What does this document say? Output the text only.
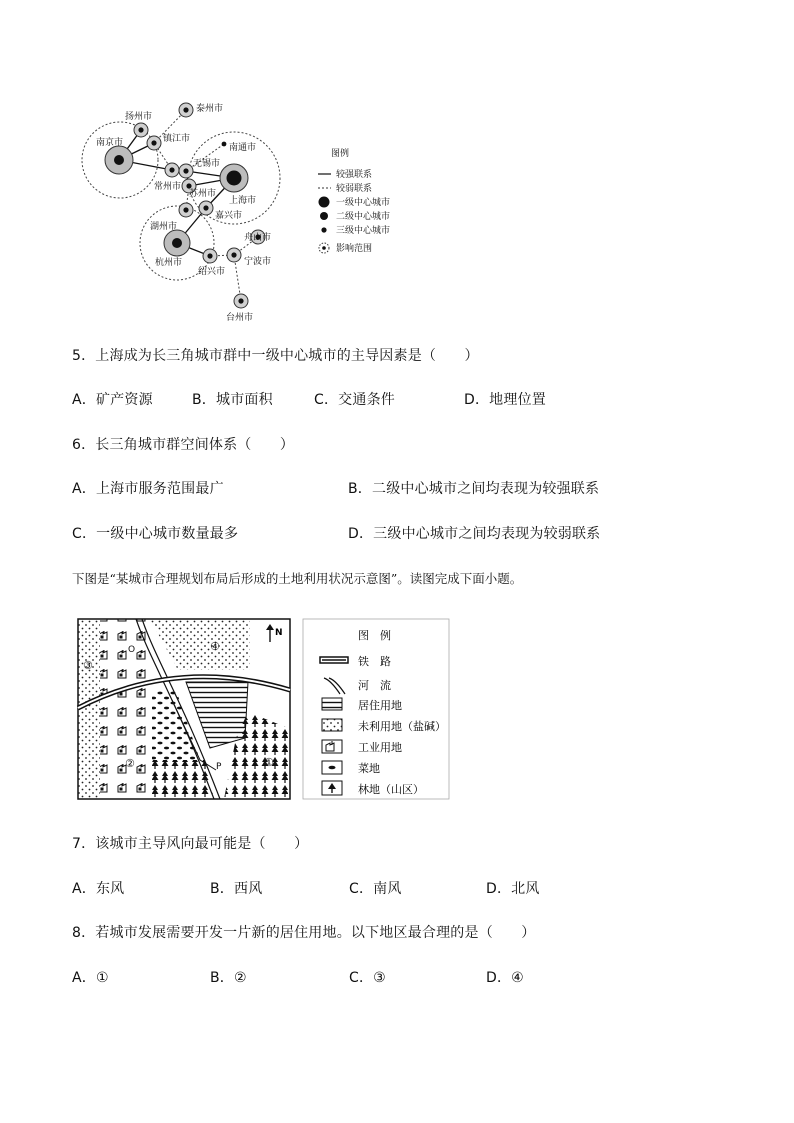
泰州市
扬州市
南京市	镇江市
南通市
无锡市
常州市
苏州市
上海市
嘉兴市
湖州市
舟山市
杭州市
绍兴市
宁波市
台州市
图例
较强联系
较弱联系
一级中心城市
二级中心城市
三级中心城市
影响范围
5．上海成为长三角城市群中一级中心城市的主导因素是（　　）
A．矿产资源	B．城市面积	C．交通条件	D．地理位置
6．长三角城市群空间体系（　　）
A．上海市服务范围最广	B．二级中心城市之间均表现为较强联系
C．一级中心城市数量最多	D．三级中心城市之间均表现为较弱联系
下图是“某城市合理规划布局后形成的土地利用状况示意图”。读图完成下面小题。
N
③
④
②	①
O
P
图　例
铁　路
河　流
居住用地
未利用地（盐碱）
工业用地
菜地
林地（山区）
7．该城市主导风向最可能是（　　）
A．东风	B．西风	C．南风	D．北风
8．若城市发展需要开发一片新的居住用地。以下地区最合理的是（　　）
A．①	B．②	C．③	D．④
